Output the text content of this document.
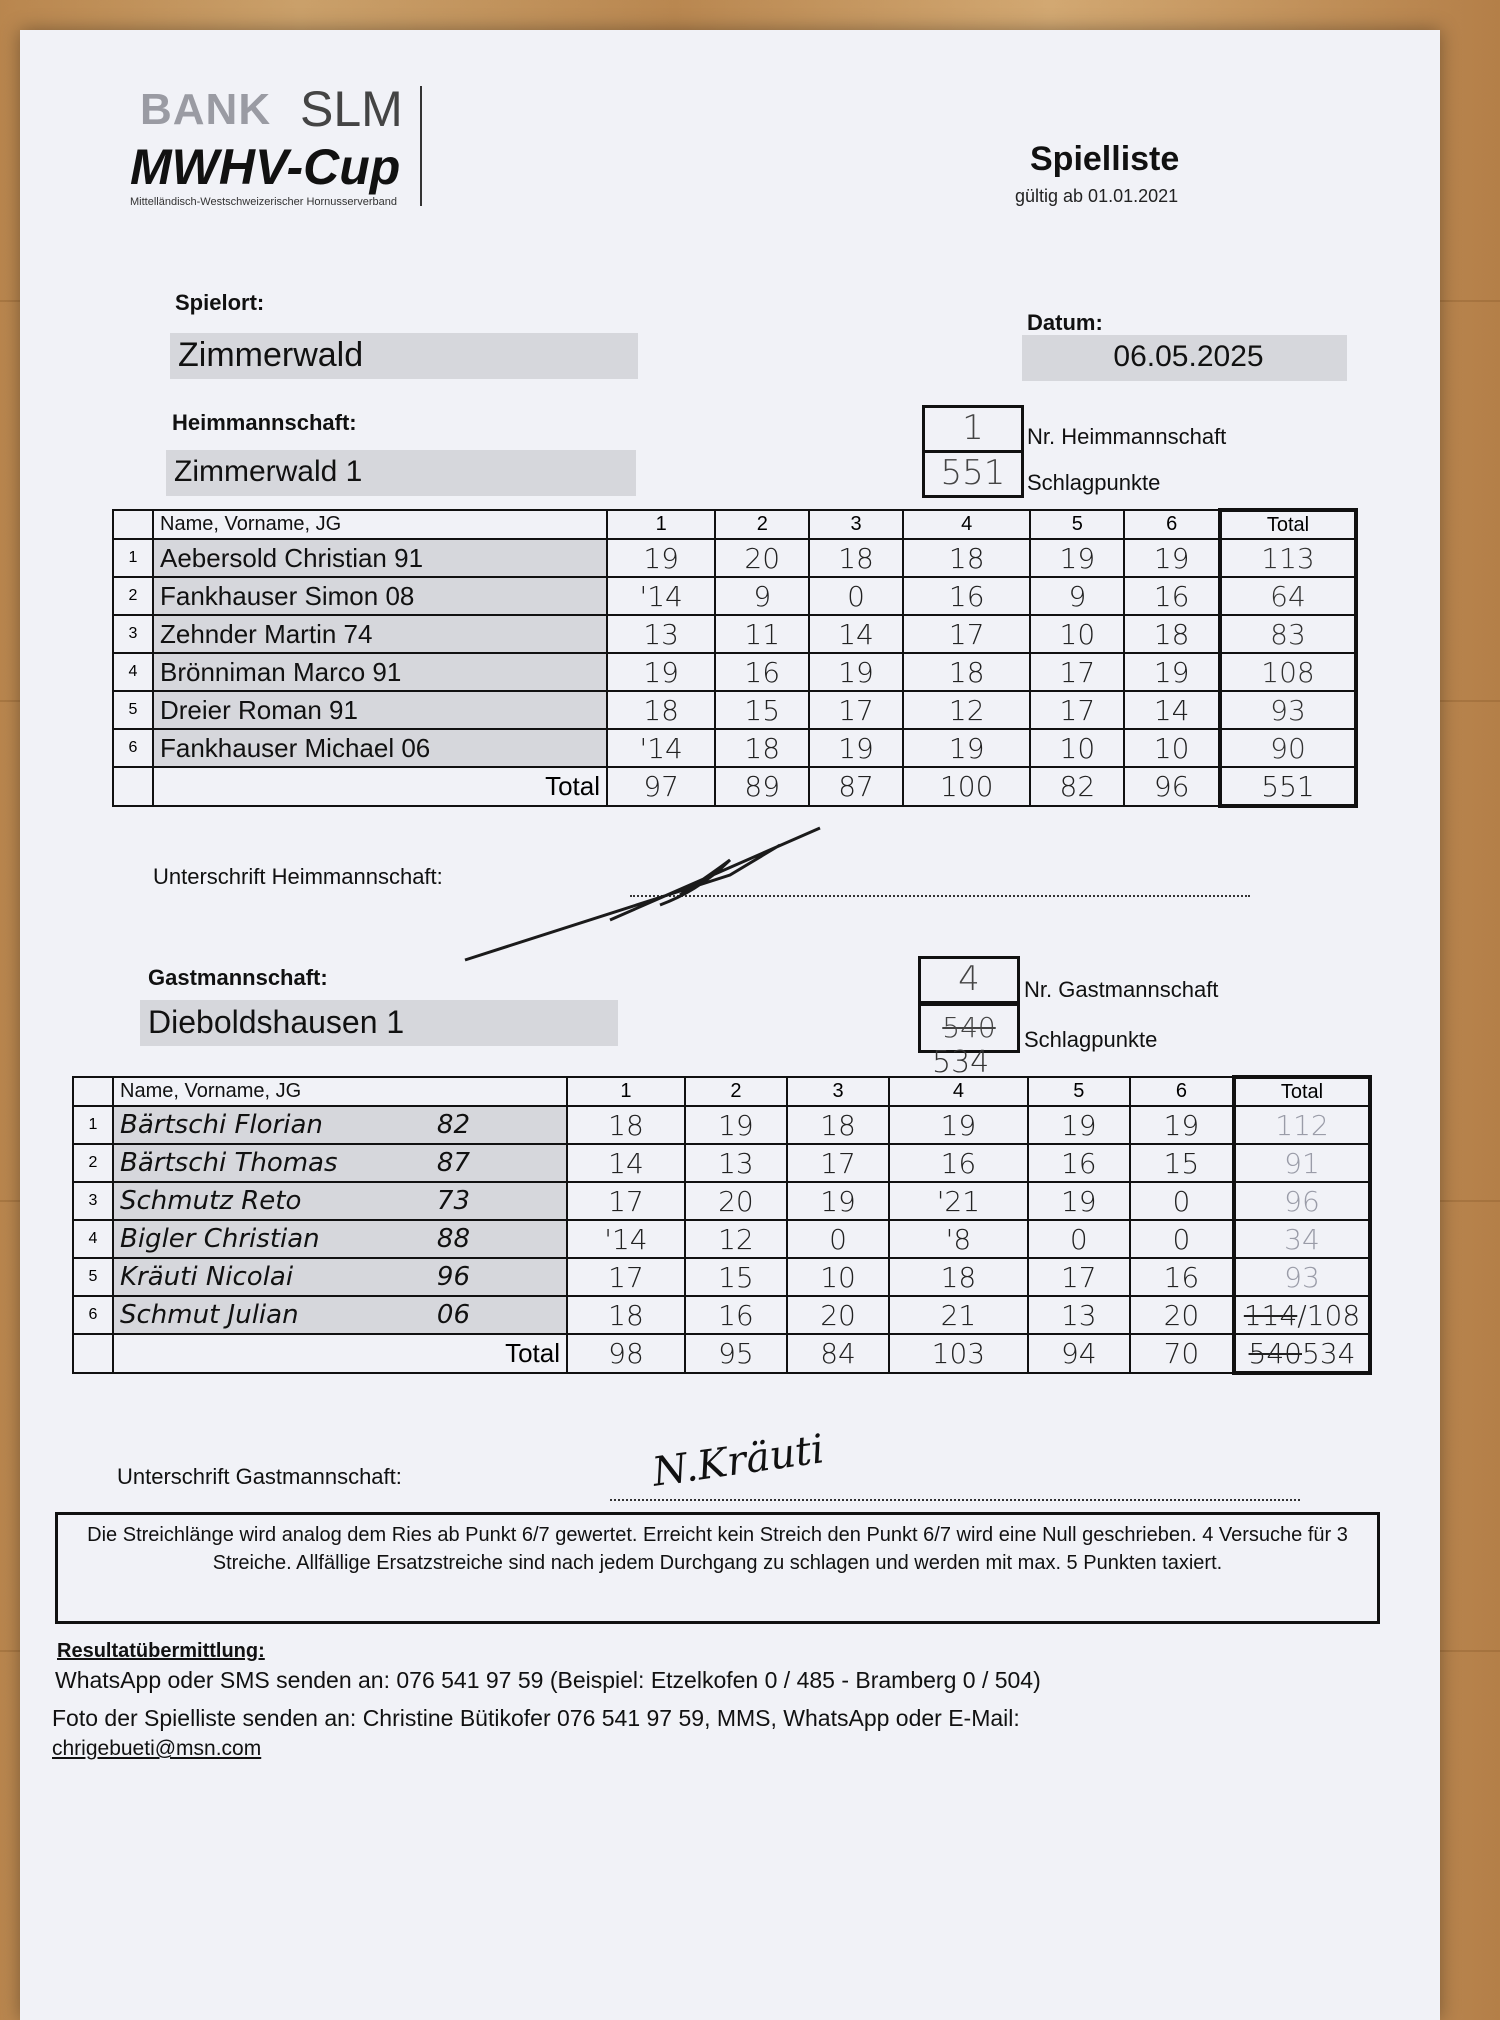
BANK SLM
MWHV-Cup
Mittelländisch-Westschweizerischer Hornusserverband
Spielliste
gültig ab 01.01.2021
Spielort:
Zimmerwald
Datum:
06.05.2025
Heimmannschaft:
Zimmerwald 1
1
551
Nr. Heimmannschaft
Schlagpunkte
	Name, Vorname, JG	1	2	3	4	5	6	Total
1	Aebersold Christian 91	19	20	18	18	19	19	113
2	Fankhauser Simon 08	'14	9	0	16	9	16	64
3	Zehnder Martin 74	13	11	14	17	10	18	83
4	Brönniman Marco 91	19	16	19	18	17	19	108
5	Dreier Roman 91	18	15	17	12	17	14	93
6	Fankhauser Michael 06	'14	18	19	19	10	10	90
	Total	97	89	87	100	82	96	551
Unterschrift Heimmannschaft:
Gastmannschaft:
Dieboldshausen 1
4
540
534
Nr. Gastmannschaft
Schlagpunkte
	Name, Vorname, JG	1	2	3	4	5	6	Total
1	Bärtschi Florian 82	18	19	18	19	19	19	112
2	Bärtschi Thomas 87	14	13	17	16	16	15	91
3	Schmutz Reto 73	17	20	19	'21	19	0	96
4	Bigler Christian 88	'14	12	0	'8	0	0	34
5	Kräuti Nicolai 96	17	15	10	18	17	16	93
6	Schmut Julian 06	18	16	20	21	13	20	114/108
	Total	98	95	84	103	94	70	540534
Unterschrift Gastmannschaft:	N.Kräuti
Die Streichlänge wird analog dem Ries ab Punkt 6/7 gewertet. Erreicht kein Streich den Punkt 6/7 wird eine Null geschrieben. 4 Versuche für 3 Streiche. Allfällige Ersatzstreiche sind nach jedem Durchgang zu schlagen und werden mit max. 5 Punkten taxiert.
Resultatübermittlung:
WhatsApp oder SMS senden an: 076 541 97 59 (Beispiel: Etzelkofen 0 / 485 - Bramberg 0 / 504)
Foto der Spielliste senden an: Christine Bütikofer 076 541 97 59, MMS, WhatsApp oder E-Mail:
chrigebueti@msn.com
